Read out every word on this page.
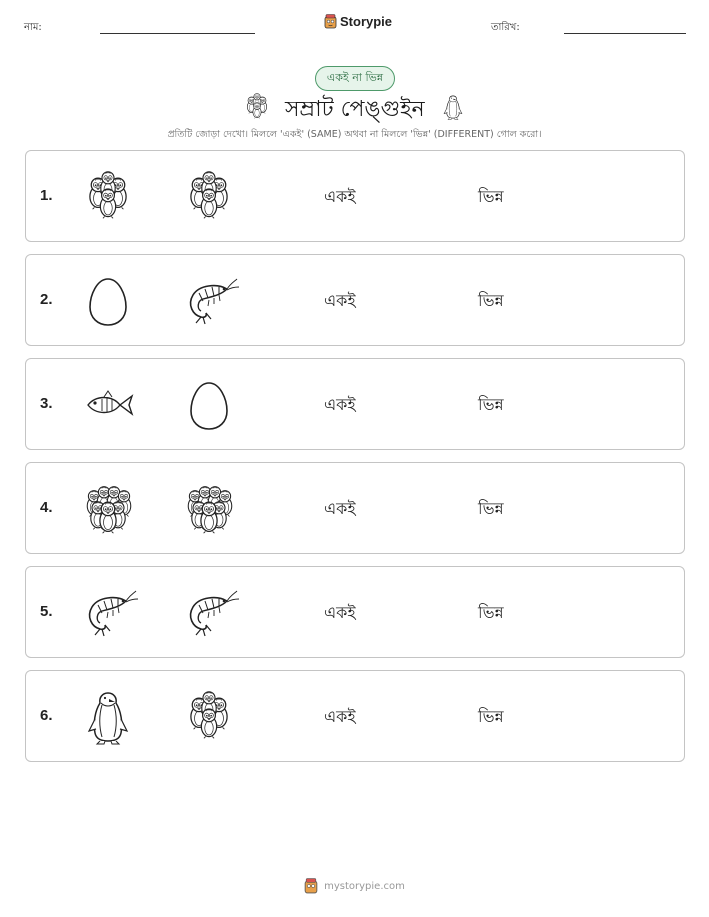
নাম:	Storypie	তারিখ:
একই না ভিন্ন
সম্রাট পেঙ্গুইন
প্রতিটি জোড়া দেখো। মিললে 'একই' (SAME) অথবা না মিললে 'ভিন্ন' (DIFFERENT) গোল করো।
1.	একই	ভিন্ন
2.	একই	ভিন্ন
3.	একই	ভিন্ন
4.	একই	ভিন্ন
5.	একই	ভিন্ন
6.	একই	ভিন্ন
mystorypie.com
